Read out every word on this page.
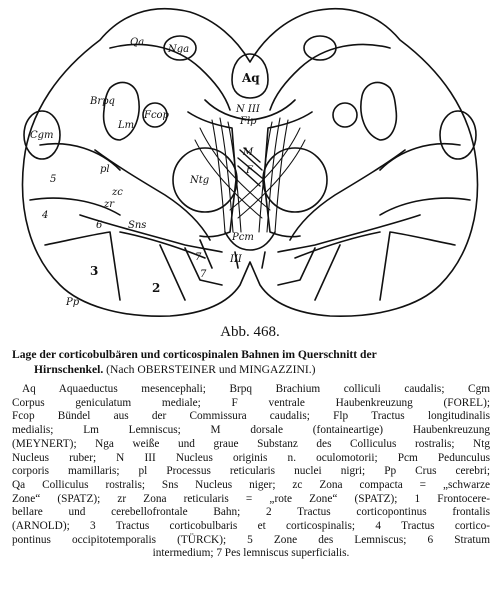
Qa
Nga
Aq
N III
Flp
Brpq
Fcop
Lm
Cgm
M
F
Ntg
pl
5
zc
zr
6	Sns
Pcm
4
III
7
7
3
2
Pp
Abb. 468.
Lage der corticobulbären und corticospinalen Bahnen im Querschnitt der
Hirnschenkel. (Nach OBERSTEINER und MINGAZZINI.)
Aq Aquaeductus mesencephali; Brpq Brachium colliculi caudalis; Cgm
Corpus geniculatum mediale; F ventrale Haubenkreuzung (FOREL);
Fcop Bündel aus der Commissura caudalis; Flp Tractus longitudinalis
medialis; Lm Lemniscus; M dorsale (fontaineartige) Haubenkreuzung
(MEYNERT); Nga weiße und graue Substanz des Colliculus rostralis; Ntg
Nucleus ruber; N III Nucleus originis n. oculomotorii; Pcm Pedunculus
corporis mamillaris; pl Processus reticularis nuclei nigri; Pp Crus cerebri;
Qa Colliculus rostralis; Sns Nucleus niger; zc Zona compacta = „schwarze
Zone“ (SPATZ); zr Zona reticularis = „rote Zone“ (SPATZ); 1 Frontocere-
bellare und cerebellofrontale Bahn; 2 Tractus corticopontinus frontalis
(ARNOLD); 3 Tractus corticobulbaris et corticospinalis; 4 Tractus cortico-
pontinus occipitotemporalis (TÜRCK); 5 Zone des Lemniscus; 6 Stratum
intermedium; 7 Pes lemniscus superficialis.
